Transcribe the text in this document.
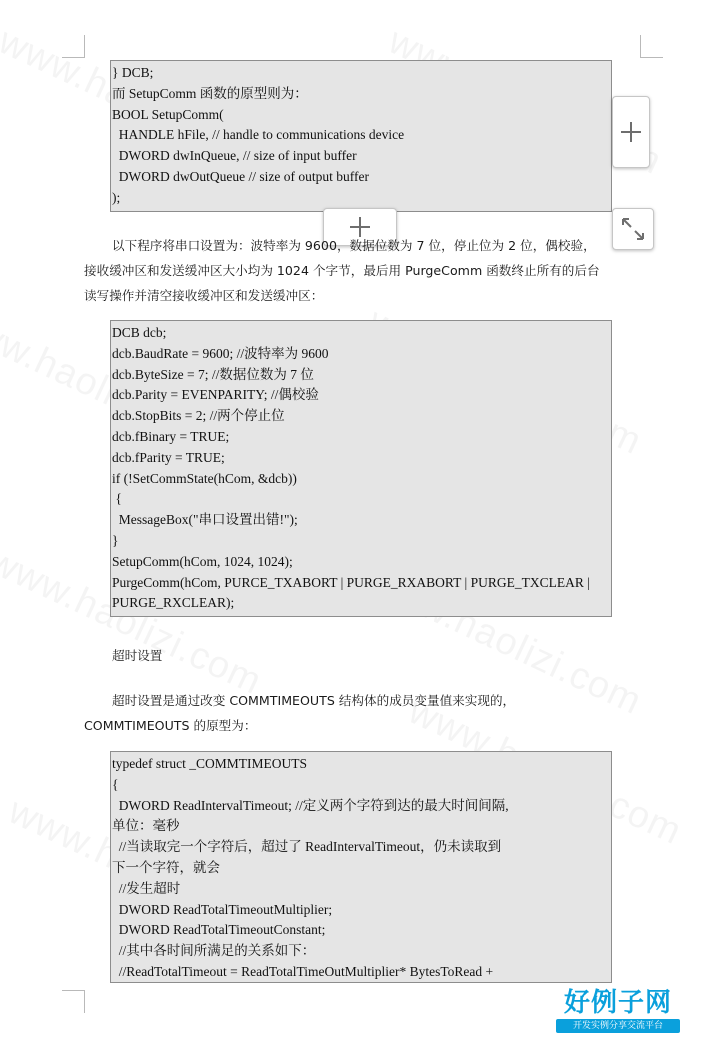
} DCB;
而 SetupComm 函数的原型则为：
BOOL SetupComm(
HANDLE hFile, // handle to communications device
DWORD dwInQueue, // size of input buffer
DWORD dwOutQueue // size of output buffer
);
以下程序将串口设置为：波特率为 9600，数据位数为 7 位，停止位为 2 位，偶校验，
接收缓冲区和发送缓冲区大小均为 1024 个字节，最后用 PurgeComm 函数终止所有的后台
读写操作并清空接收缓冲区和发送缓冲区：
DCB dcb;
dcb.BaudRate = 9600; //波特率为 9600
dcb.ByteSize = 7; //数据位数为 7 位
dcb.Parity = EVENPARITY; //偶校验
dcb.StopBits = 2; //两个停止位
dcb.fBinary = TRUE;
dcb.fParity = TRUE;
if (!SetCommState(hCom, &dcb))
{
MessageBox("串口设置出错!");
}
SetupComm(hCom, 1024, 1024);
PurgeComm(hCom, PURCE_TXABORT | PURGE_RXABORT | PURGE_TXCLEAR |
PURGE_RXCLEAR);
超时设置
超时设置是通过改变 COMMTIMEOUTS 结构体的成员变量值来实现的，
COMMTIMEOUTS 的原型为：
typedef struct _COMMTIMEOUTS
{
DWORD ReadIntervalTimeout; //定义两个字符到达的最大时间间隔,
单位：毫秒
//当读取完一个字符后，超过了 ReadIntervalTimeout，仍未读取到
下一个字符，就会
//发生超时
DWORD ReadTotalTimeoutMultiplier;
DWORD ReadTotalTimeoutConstant;
//其中各时间所满足的关系如下：
//ReadTotalTimeout = ReadTotalTimeOutMultiplier* BytesToRead +
好例子网
开发实例分享交流平台
